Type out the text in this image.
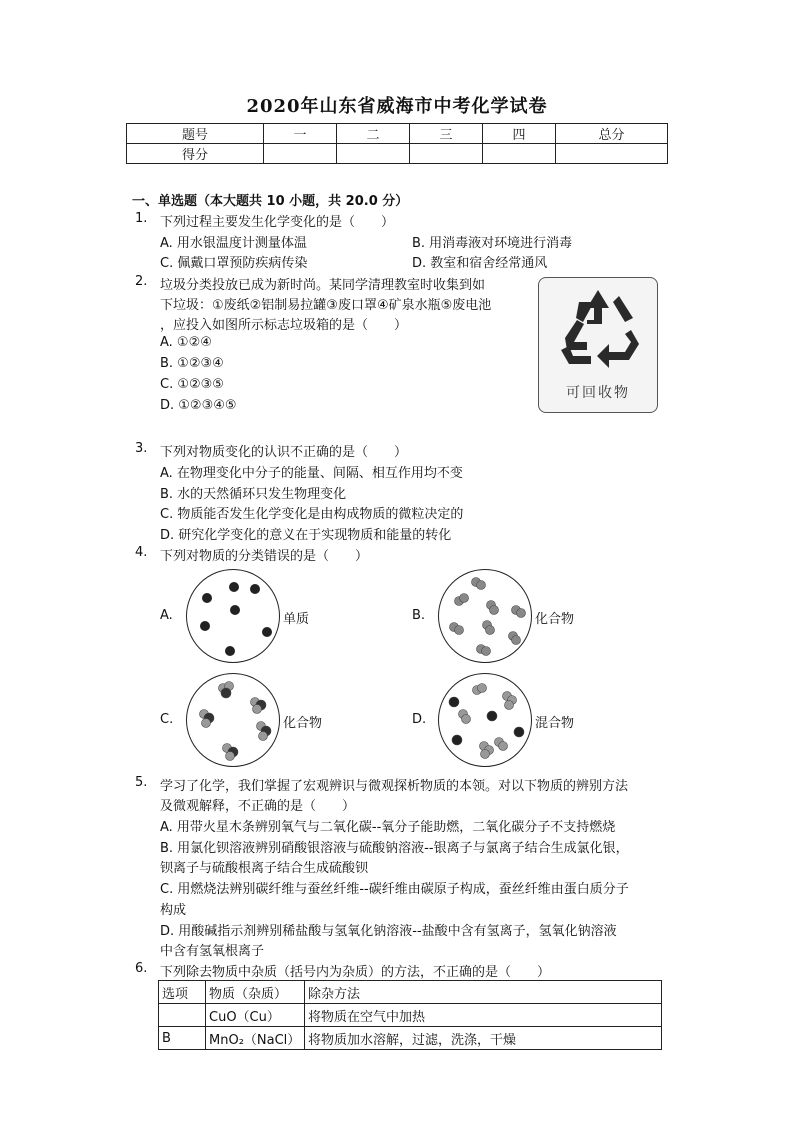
2020年山东省威海市中考化学试卷
题号	一	二	三	四	总分
得分					
一、单选题（本大题共 10 小题，共 20.0 分）
1. 下列过程主要发生化学变化的是（　　）
A. 用水银温度计测量体温	B. 用消毒液对环境进行消毒
C. 佩戴口罩预防疾病传染	D. 教室和宿舍经常通风
2. 垃圾分类投放已成为新时尚。某同学清理教室时收集到如
下垃圾：①废纸②铝制易拉罐③废口罩④矿泉水瓶⑤废电池
，应投入如图所示标志垃圾箱的是（　　）
A. ①②④
B. ①②③④
C. ①②③⑤
D. ①②③④⑤
可回收物
3. 下列对物质变化的认识不正确的是（　　）
A. 在物理变化中分子的能量、间隔、相互作用均不变
B. 水的天然循环只发生物理变化
C. 物质能否发生化学变化是由构成物质的微粒决定的
D. 研究化学变化的意义在于实现物质和能量的转化
4. 下列对物质的分类错误的是（　　）
A.	单质	B.	化合物
C.	化合物	D.	混合物
5. 学习了化学，我们掌握了宏观辨识与微观探析物质的本领。对以下物质的辨别方法
及微观解释，不正确的是（　　）
A. 用带火星木条辨别氧气与二氧化碳--氧分子能助燃，二氧化碳分子不支持燃烧
B. 用氯化钡溶液辨别硝酸银溶液与硫酸钠溶液--银离子与氯离子结合生成氯化银，
钡离子与硫酸根离子结合生成硫酸钡
C. 用燃烧法辨别碳纤维与蚕丝纤维--碳纤维由碳原子构成，蚕丝纤维由蛋白质分子
构成
D. 用酸碱指示剂辨别稀盐酸与氢氧化钠溶液--盐酸中含有氢离子，氢氧化钠溶液
中含有氢氧根离子
6. 下列除去物质中杂质（括号内为杂质）的方法，不正确的是（　　）
选项	物质（杂质）	除杂方法
	CuO（Cu）	将物质在空气中加热
B	MnO₂（NaCl）	将物质加水溶解，过滤，洗涤，干燥
